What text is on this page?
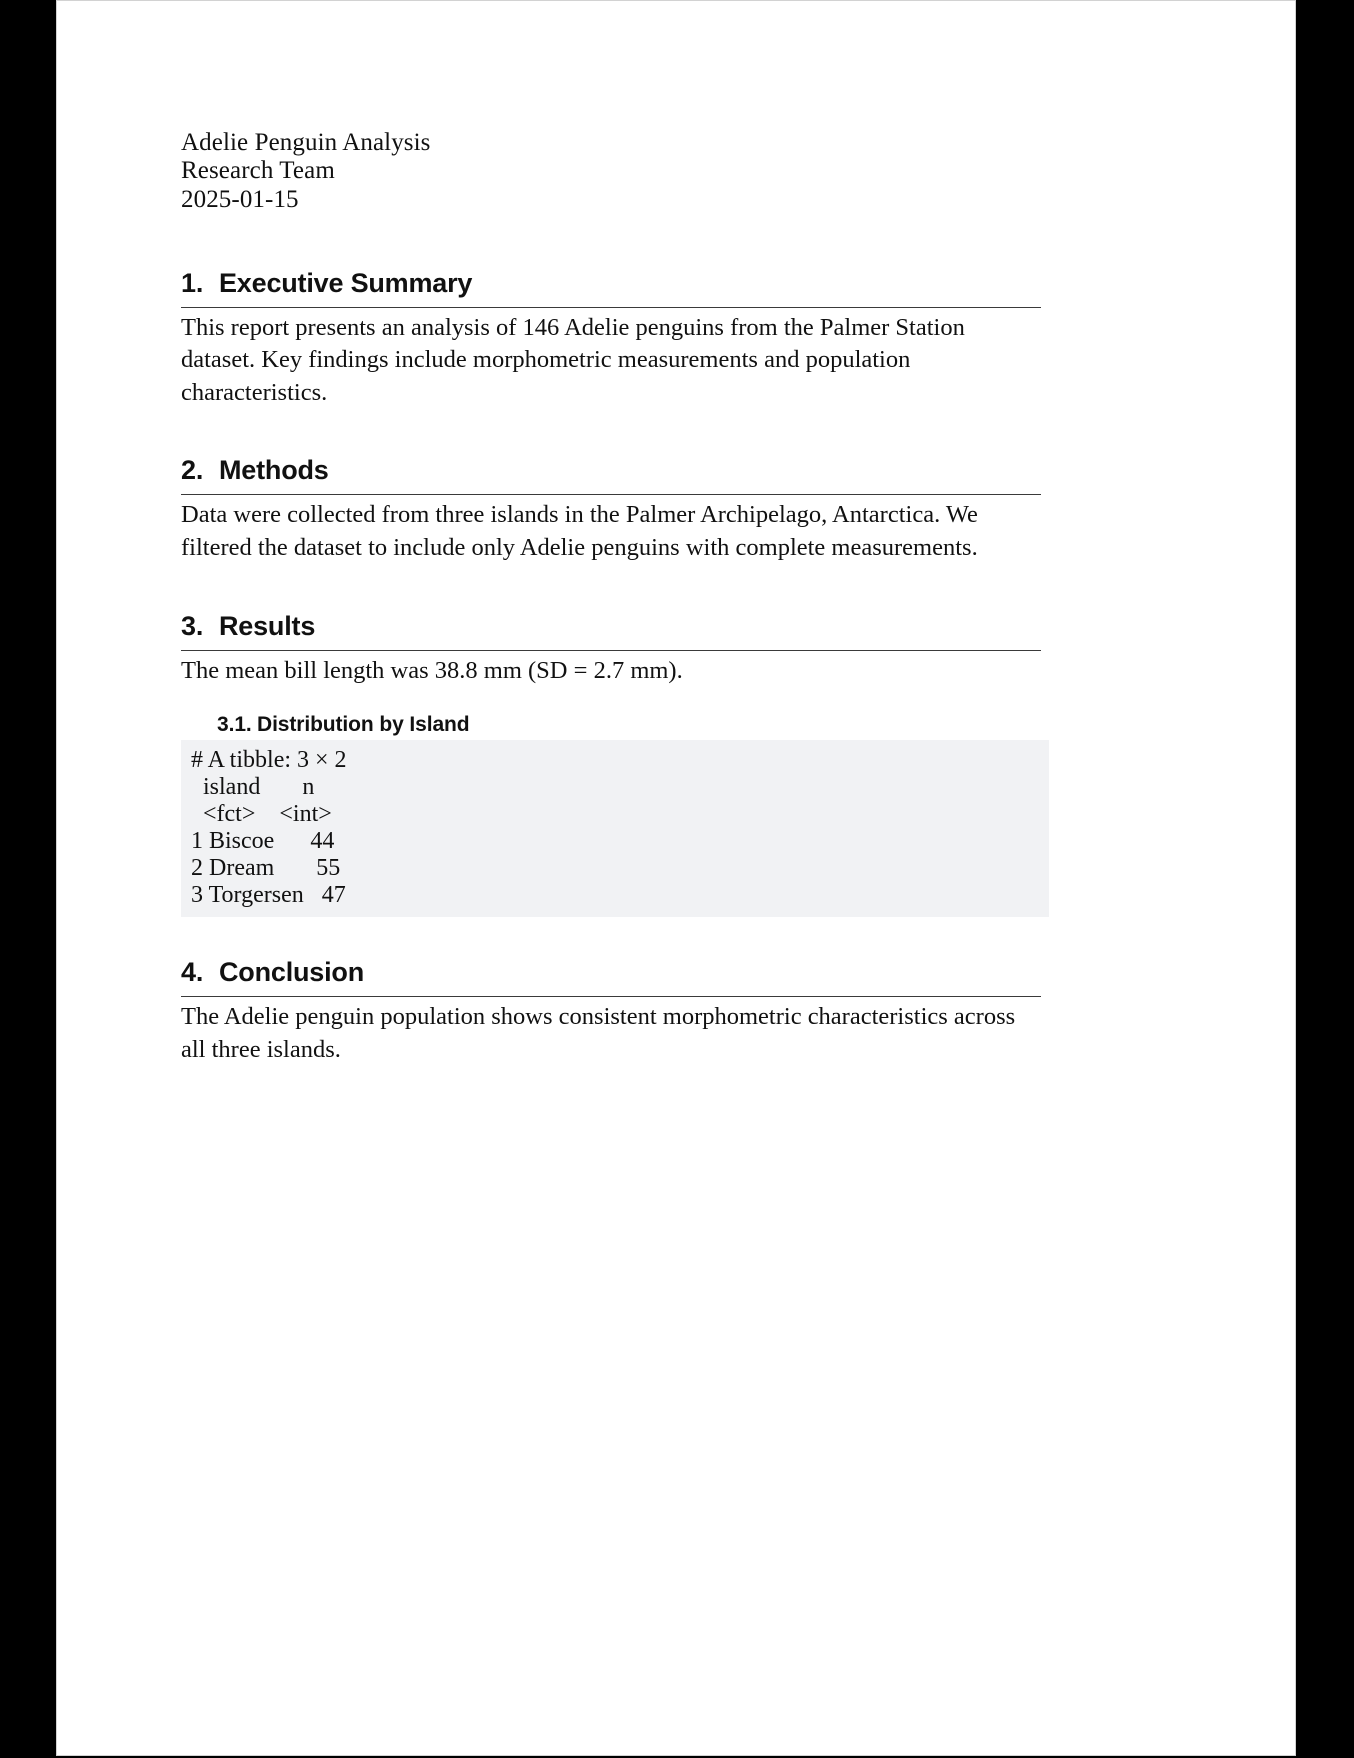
Adelie Penguin Analysis
Research Team
2025-01-15
1. Executive Summary

This report presents an analysis of 146 Adelie penguins from the Palmer Station dataset. Key findings include morphometric measurements and population characteristics.

2. Methods

Data were collected from three islands in the Palmer Archipelago, Antarctica. We filtered the dataset to include only Adelie penguins with complete measurements.

3. Results

The mean bill length was 38.8 mm (SD = 2.7 mm).

3.1. Distribution by Island
# A tibble: 3 × 2
island       n
<fct>    <int>
1 Biscoe      44
2 Dream       55
3 Torgersen   47
4. Conclusion

The Adelie penguin population shows consistent morphometric characteristics across all three islands.
